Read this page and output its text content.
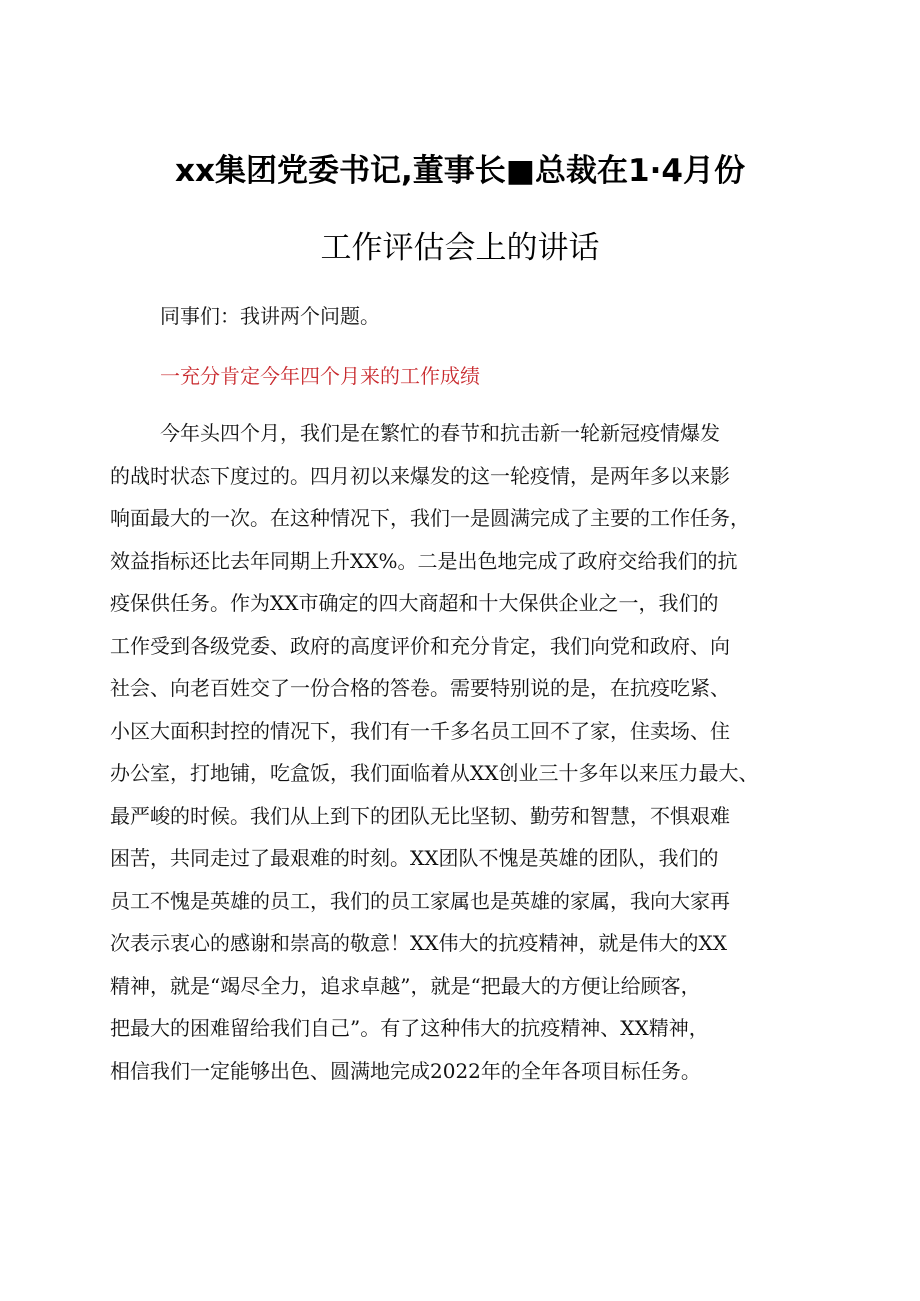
xx集团党委书记,董事长■总裁在1·4月份
工作评估会上的讲话
同事们：我讲两个问题。
一充分肯定今年四个月来的工作成绩
今年头四个月，我们是在繁忙的春节和抗击新一轮新冠疫情爆发
的战时状态下度过的。四月初以来爆发的这一轮疫情，是两年多以来影
响面最大的一次。在这种情况下，我们一是圆满完成了主要的工作任务，
效益指标还比去年同期上升XX%。二是出色地完成了政府交给我们的抗
疫保供任务。作为XX市确定的四大商超和十大保供企业之一，我们的
工作受到各级党委、政府的高度评价和充分肯定，我们向党和政府、向
社会、向老百姓交了一份合格的答卷。需要特别说的是，在抗疫吃紧、
小区大面积封控的情况下，我们有一千多名员工回不了家，住卖场、住
办公室，打地铺，吃盒饭，我们面临着从XX创业三十多年以来压力最大、
最严峻的时候。我们从上到下的团队无比坚韧、勤劳和智慧，不惧艰难
困苦，共同走过了最艰难的时刻。XX团队不愧是英雄的团队，我们的
员工不愧是英雄的员工，我们的员工家属也是英雄的家属，我向大家再
次表示衷心的感谢和崇高的敬意！XX伟大的抗疫精神，就是伟大的XX
精神，就是“竭尽全力，追求卓越”，就是“把最大的方便让给顾客，
把最大的困难留给我们自己”。有了这种伟大的抗疫精神、XX精神，
相信我们一定能够出色、圆满地完成2022年的全年各项目标任务。
